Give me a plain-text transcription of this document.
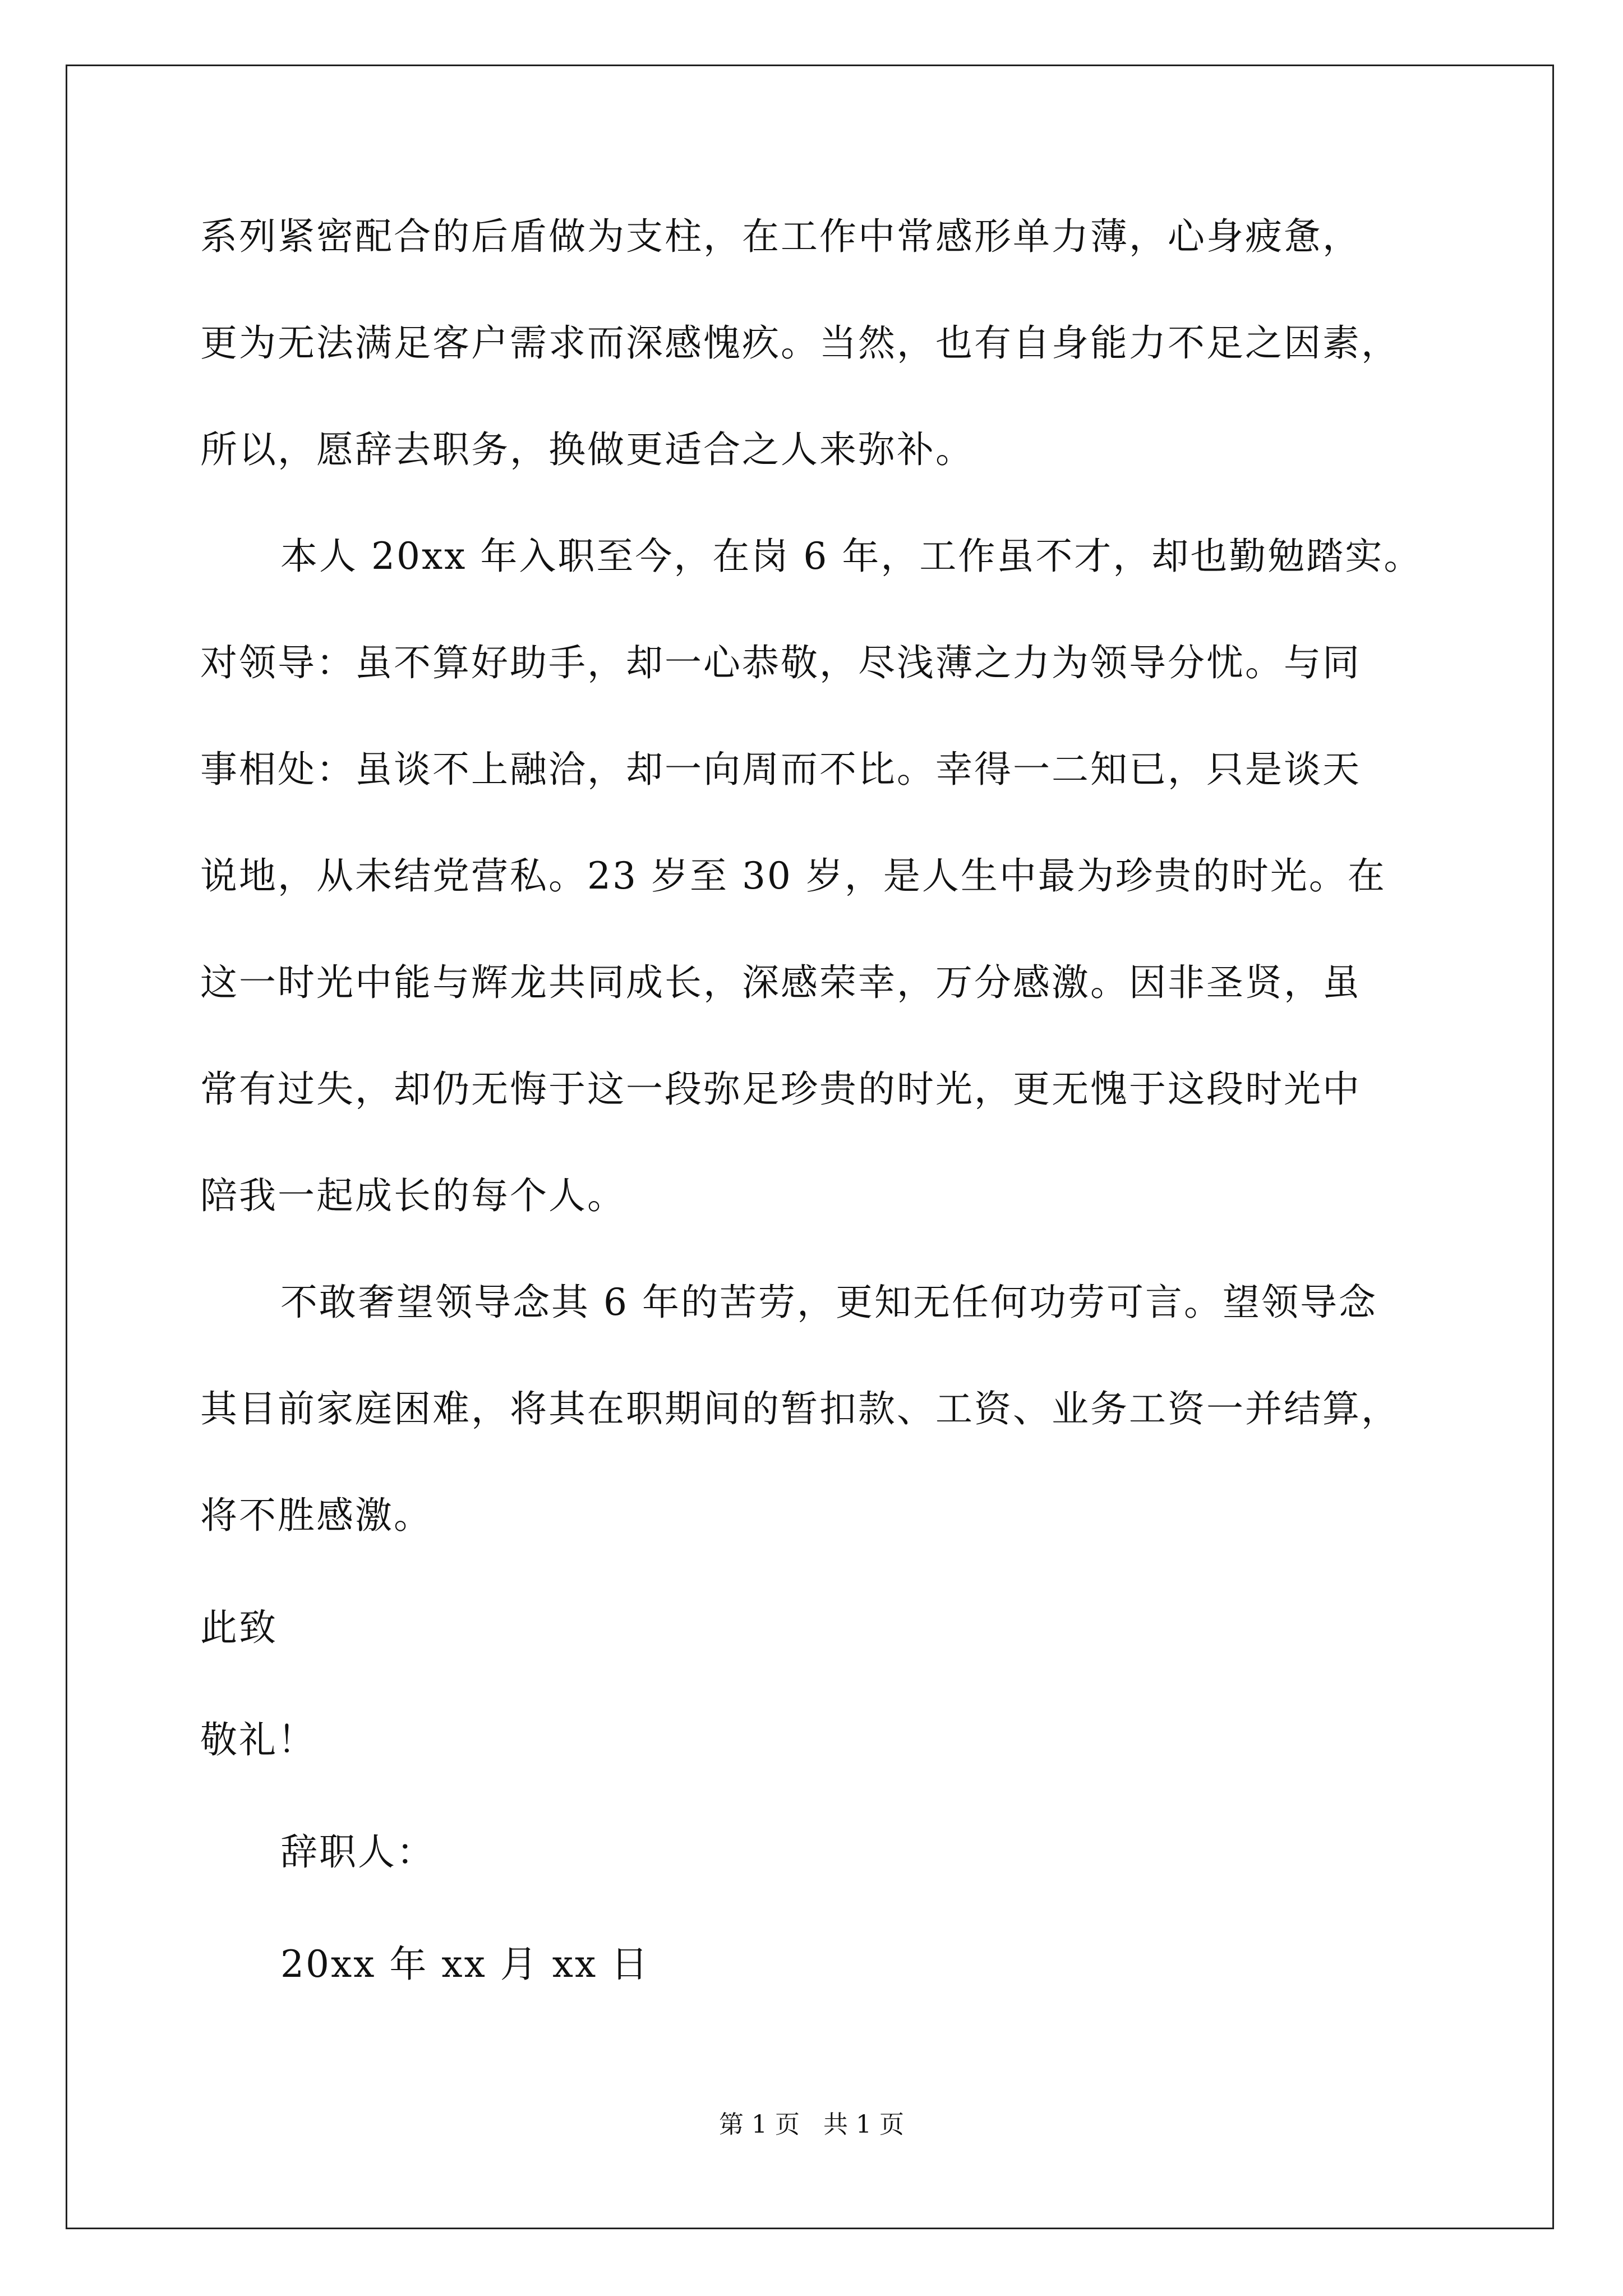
系列紧密配合的后盾做为支柱，在工作中常感形单力薄，心身疲惫，
更为无法满足客户需求而深感愧疚。当然，也有自身能力不足之因素，
所以，愿辞去职务，换做更适合之人来弥补。
本人 20xx 年入职至今，在岗 6 年，工作虽不才，却也勤勉踏实。
对领导：虽不算好助手，却一心恭敬，尽浅薄之力为领导分忧。与同
事相处：虽谈不上融洽，却一向周而不比。幸得一二知已，只是谈天
说地，从未结党营私。23 岁至 30 岁，是人生中最为珍贵的时光。在
这一时光中能与辉龙共同成长，深感荣幸，万分感激。因非圣贤，虽
常有过失，却仍无悔于这一段弥足珍贵的时光，更无愧于这段时光中
陪我一起成长的每个人。
不敢奢望领导念其 6 年的苦劳，更知无任何功劳可言。望领导念
其目前家庭困难，将其在职期间的暂扣款、工资、业务工资一并结算，
将不胜感激。
此致
敬礼！
辞职人：
20xx 年 xx 月 xx 日
第 1 页   共 1 页
